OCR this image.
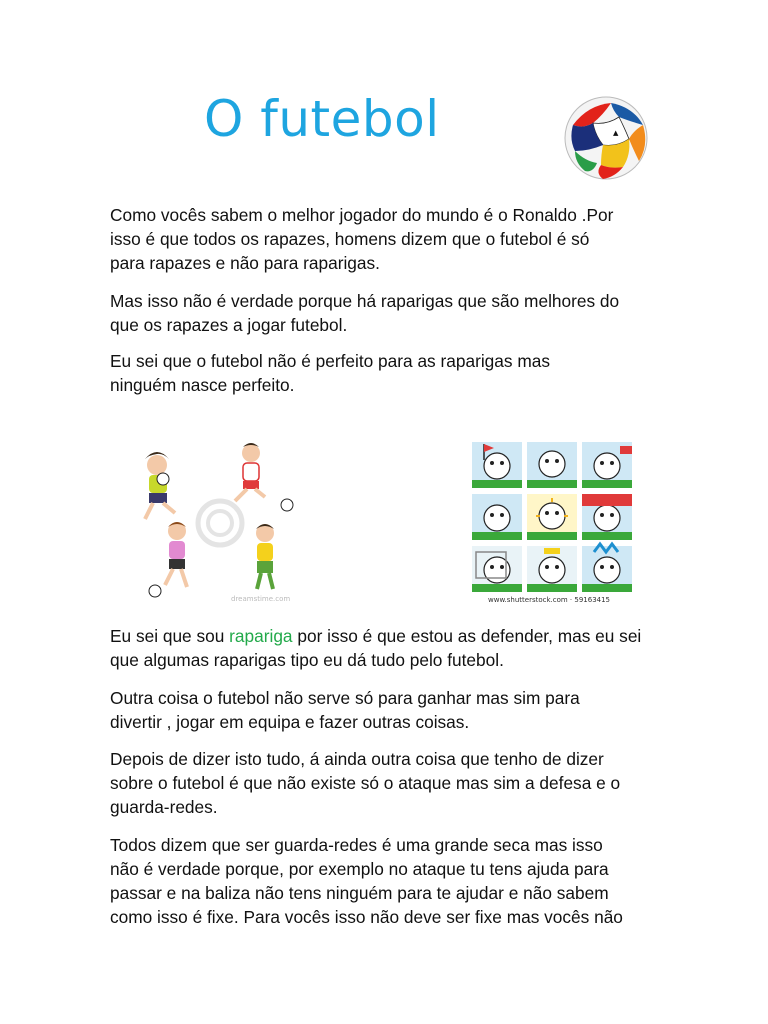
O futebol	▲

Como vocês sabem o melhor jogador do mundo é o Ronaldo .Por
isso é que todos os rapazes, homens dizem que o futebol é só
para rapazes e não para raparigas.

Mas isso não é verdade porque há raparigas que são melhores do
que os rapazes a jogar futebol.

Eu sei que o futebol não é perfeito para as raparigas mas
ninguém nasce perfeito.

dreamstime.com	www.shutterstock.com · 59163415

Eu sei que sou rapariga por isso é que estou as defender, mas eu sei que algumas raparigas tipo eu dá tudo pelo futebol.

Outra coisa o futebol não serve só para ganhar mas sim para
divertir , jogar em equipa e fazer outras coisas.

Depois de dizer isto tudo, á ainda outra coisa que tenho de dizer
sobre o futebol é que não existe só o ataque mas sim a defesa e o
guarda-redes.

Todos dizem que ser guarda-redes é uma grande seca mas isso
não é verdade porque, por exemplo no ataque tu tens ajuda para
passar e na baliza não tens ninguém para te ajudar e não sabem
como isso é fixe. Para vocês isso não deve ser fixe mas vocês não
